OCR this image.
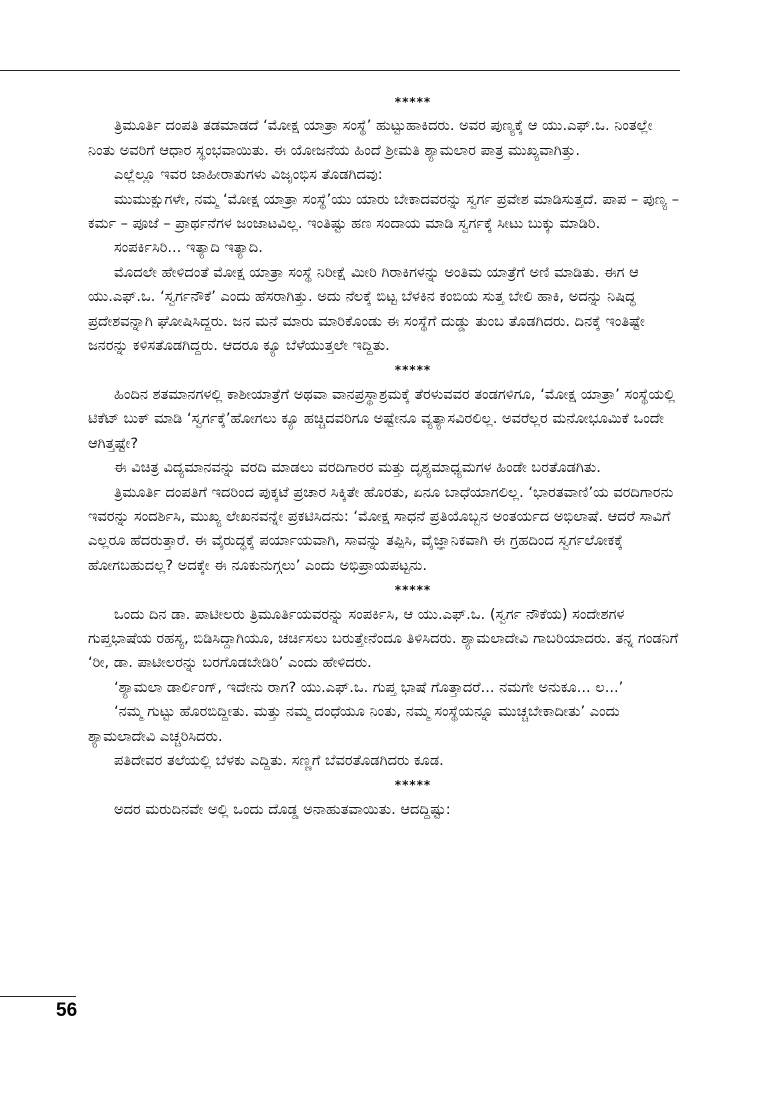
*****

ತ್ರಿಮೂರ್ತಿ ದಂಪತಿ ತಡಮಾಡದೆ ‘ಮೋಕ್ಷ ಯಾತ್ರಾ ಸಂಸ್ಥೆ’ ಹುಟ್ಟುಹಾಕಿದರು. ಅವರ ಪುಣ್ಯಕ್ಕೆ ಆ ಯು.ಎಫ್.ಒ. ನಿಂತಲ್ಲೇ ನಿಂತು ಅವರಿಗೆ ಆಧಾರ ಸ್ಥಂಭವಾಯಿತು. ಈ ಯೋಜನೆಯ ಹಿಂದೆ ಶ್ರೀಮತಿ ಶ್ಯಾಮಲಾರ ಪಾತ್ರ ಮುಖ್ಯವಾಗಿತ್ತು.

ಎಲ್ಲೆಲ್ಲೂ ಇವರ ಜಾಹೀರಾತುಗಳು ವಿಜೃಂಭಿಸ ತೊಡಗಿದವು:

ಮುಮುಕ್ಷುಗಳೇ, ನಮ್ಮ ‘ಮೋಕ್ಷ ಯಾತ್ರಾ ಸಂಸ್ಥೆ’ಯು ಯಾರು ಬೇಕಾದವರನ್ನು ಸ್ವರ್ಗ ಪ್ರವೇಶ ಮಾಡಿಸುತ್ತದೆ. ಪಾಪ – ಪುಣ್ಯ – ಕರ್ಮ – ಪೂಜೆ – ಪ್ರಾರ್ಥನೆಗಳ ಜಂಜಾಟವಿಲ್ಲ. ಇಂತಿಷ್ಟು ಹಣ ಸಂದಾಯ ಮಾಡಿ ಸ್ವರ್ಗಕ್ಕೆ ಸೀಟು ಬುಕ್ಕು ಮಾಡಿರಿ.

ಸಂಪರ್ಕಿಸಿರಿ... ಇತ್ಯಾದಿ ಇತ್ಯಾದಿ.

ಮೊದಲೇ ಹೇಳಿದಂತೆ ಮೋಕ್ಷ ಯಾತ್ರಾ ಸಂಸ್ಥೆ ನಿರೀಕ್ಷೆ ಮೀರಿ ಗಿರಾಕಿಗಳನ್ನು ಅಂತಿಮ ಯಾತ್ರೆಗೆ ಅಣಿ ಮಾಡಿತು. ಈಗ ಆ ಯು.ಎಫ್.ಒ. ‘ಸ್ವರ್ಗನೌಕೆ’ ಎಂದು ಹೆಸರಾಗಿತ್ತು. ಅದು ನೆಲಕ್ಕೆ ಬಿಟ್ಟ ಬೆಳಕಿನ ಕಂಬಿಯ ಸುತ್ತ ಬೇಲಿ ಹಾಕಿ, ಅದನ್ನು ನಿಷಿದ್ಧ ಪ್ರದೇಶವನ್ನಾಗಿ ಘೋಷಿಸಿದ್ದರು. ಜನ ಮನೆ ಮಾರು ಮಾರಿಕೊಂಡು ಈ ಸಂಸ್ಥೆಗೆ ದುಡ್ಡು ತುಂಬ ತೊಡಗಿದರು. ದಿನಕ್ಕೆ ಇಂತಿಷ್ಟೇ ಜನರನ್ನು ಕಳಿಸತೊಡಗಿದ್ದರು. ಆದರೂ ಕ್ಯೂ ಬೆಳೆಯುತ್ತಲೇ ಇದ್ದಿತು.

*****

ಹಿಂದಿನ ಶತಮಾನಗಳಲ್ಲಿ ಕಾಶೀಯಾತ್ರೆಗೆ ಅಥವಾ ವಾನಪ್ರಸ್ಥಾಶ್ರಮಕ್ಕೆ ತೆರಳುವವರ ತಂಡಗಳಿಗೂ, ‘ಮೋಕ್ಷ ಯಾತ್ರಾ’ ಸಂಸ್ಥೆಯಲ್ಲಿ ಟಿಕೆಟ್ ಬುಕ್ ಮಾಡಿ ‘ಸ್ವರ್ಗಕ್ಕೆ’ಹೋಗಲು ಕ್ಯೂ ಹಚ್ಚಿದವರಿಗೂ ಅಷ್ಟೇನೂ ವ್ಯತ್ಯಾಸವಿರಲಿಲ್ಲ. ಅವರೆಲ್ಲರ ಮನೋಭೂಮಿಕೆ ಒಂದೇ ಆಗಿತ್ತಷ್ಟೇ?

ಈ ವಿಚಿತ್ರ ವಿದ್ಯಮಾನವನ್ನು ವರದಿ ಮಾಡಲು ವರದಿಗಾರರ ಮತ್ತು ದೃಶ್ಯಮಾಧ್ಯಮಗಳ ಹಿಂಡೇ ಬರತೊಡಗಿತು.

ತ್ರಿಮೂರ್ತಿ ದಂಪತಿಗೆ ಇದರಿಂದ ಪುಕ್ಕಟೆ ಪ್ರಚಾರ ಸಿಕ್ಕಿತೇ ಹೊರತು, ಏನೂ ಬಾಧೆಯಾಗಲಿಲ್ಲ. ‘ಭಾರತವಾಣಿ’ಯ ವರದಿಗಾರನು ಇವರನ್ನು ಸಂದರ್ಶಿಸಿ, ಮುಖ್ಯ ಲೇಖನವನ್ನೇ ಪ್ರಕಟಿಸಿದನು: ‘ಮೋಕ್ಷ ಸಾಧನೆ ಪ್ರತಿಯೊಬ್ಬನ ಅಂತರ್ಯದ ಅಭಿಲಾಷೆ. ಆದರೆ ಸಾವಿಗೆ ಎಲ್ಲರೂ ಹೆದರುತ್ತಾರೆ. ಈ ವೈರುದ್ಧಕ್ಕೆ ಪರ್ಯಾಯವಾಗಿ, ಸಾವನ್ನು ತಪ್ಪಿಸಿ, ವೈಜ್ಞಾನಿಕವಾಗಿ ಈ ಗ್ರಹದಿಂದ ಸ್ವರ್ಗಲೋಕಕ್ಕೆ ಹೋಗಬಹುದಲ್ಲ? ಅದಕ್ಕೇ ಈ ನೂಕುನುಗ್ಗಲು’ ಎಂದು ಅಭಿಪ್ರಾಯಪಟ್ಟನು.

*****

ಒಂದು ದಿನ ಡಾ. ಪಾಟೀಲರು ತ್ರಿಮೂರ್ತಿಯವರನ್ನು ಸಂಪರ್ಕಿಸಿ, ಆ ಯು.ಎಫ್.ಒ. (ಸ್ವರ್ಗ ನೌಕೆಯ) ಸಂದೇಶಗಳ ಗುಪ್ತಭಾಷೆಯ ರಹಸ್ಯ, ಬಿಡಿಸಿದ್ದಾಗಿಯೂ, ಚರ್ಚಿಸಲು ಬರುತ್ತೇನೆಂದೂ ತಿಳಿಸಿದರು. ಶ್ಯಾಮಲಾದೇವಿ ಗಾಬರಿಯಾದರು. ತನ್ನ ಗಂಡನಿಗೆ ‘ರೀ, ಡಾ. ಪಾಟೀಲರನ್ನು ಬರಗೊಡಬೇಡಿರಿ’ ಎಂದು ಹೇಳಿದರು.

‘ಶ್ಯಾಮಲಾ ಡಾರ್ಲಿಂಗ್, ಇದೇನು ರಾಗ? ಯು.ಎಫ್.ಒ. ಗುಪ್ತ ಭಾಷೆ ಗೊತ್ತಾದರೆ... ನಮಗೇ ಅನುಕೂ... ಲ...’

‘ನಮ್ಮ ಗುಟ್ಟು ಹೊರಬಿದ್ದೀತು. ಮತ್ತು ನಮ್ಮ ದಂಧೆಯೂ ನಿಂತು, ನಮ್ಮ ಸಂಸ್ಥೆಯನ್ನೂ ಮುಚ್ಚಬೇಕಾದೀತು’ ಎಂದು ಶ್ಯಾಮಲಾದೇವಿ ಎಚ್ಚರಿಸಿದರು.

ಪತಿದೇವರ ತಲೆಯಲ್ಲಿ ಬೆಳಕು ಎದ್ದಿತು. ಸಣ್ಣಗೆ ಬೆವರತೊಡಗಿದರು ಕೂಡ.

*****

ಅದರ ಮರುದಿನವೇ ಅಲ್ಲಿ ಒಂದು ದೊಡ್ಡ ಅನಾಹುತವಾಯಿತು. ಆದದ್ದಿಷ್ಟು:

56
